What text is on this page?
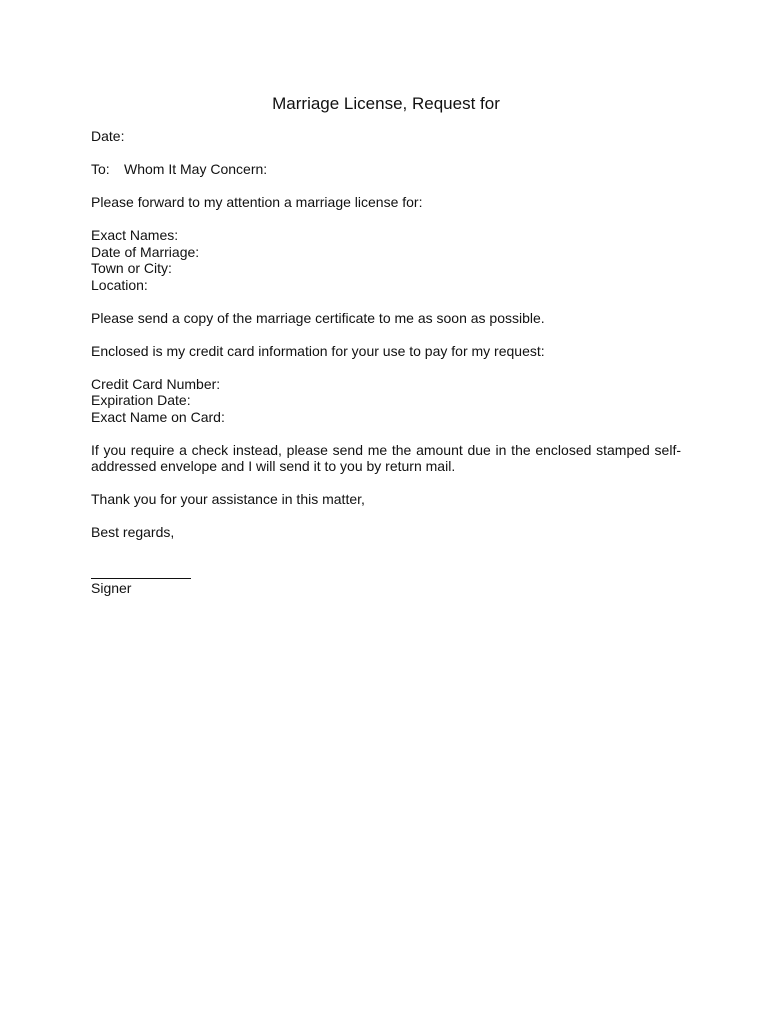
Marriage License, Request for

Date:

To: Whom It May Concern:

Please forward to my attention a marriage license for:

Exact Names:

Date of Marriage:

Town or City:

Location:

Please send a copy of the marriage certificate to me as soon as possible.

Enclosed is my credit card information for your use to pay for my request:

Credit Card Number:

Expiration Date:

Exact Name on Card:

If you require a check instead, please send me the amount due in the enclosed stamped self-addressed envelope and I will send it to you by return mail.

Thank you for your assistance in this matter,

Best regards,

Signer
